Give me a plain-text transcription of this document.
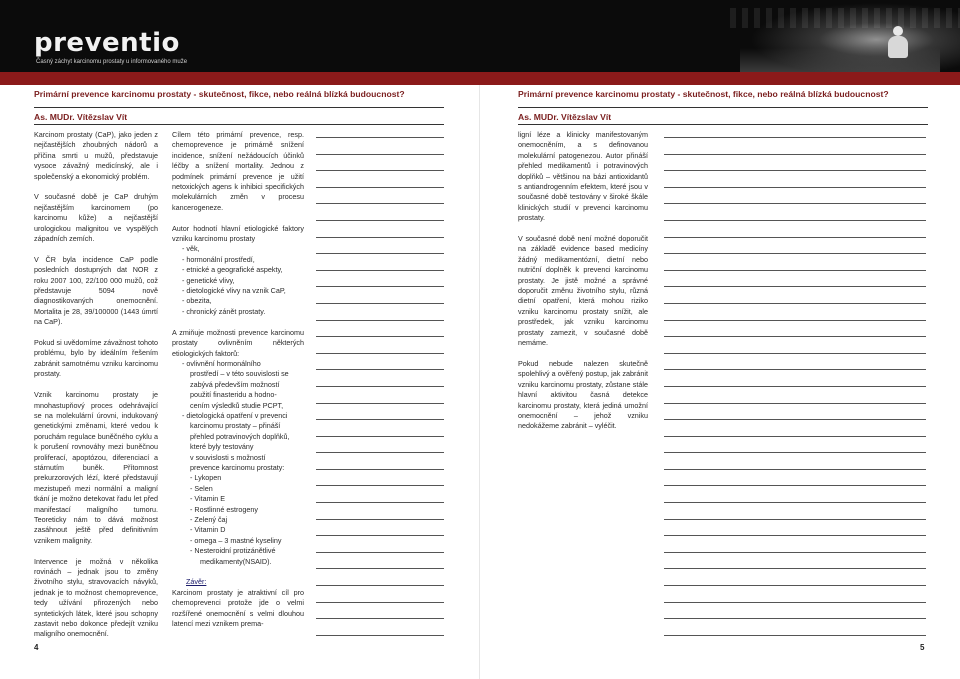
preventio
Časný záchyt karcinomu prostaty u informovaného muže
Primární prevence karcinomu prostaty - skutečnost, fikce, nebo reálná blízká budoucnost?
As. MUDr. Vítězslav Vít
Primární prevence karcinomu prostaty - skutečnost, fikce, nebo reálná blízká budoucnost?
As. MUDr. Vítězslav Vít

Karcinom prostaty (CaP), jako jeden z nejčastějších zhoubných nádorů a příčina smrti u mužů, představuje vysoce závažný medicínský, ale i společenský a ekonomický problém.

V současné době je CaP druhým nejčastějším karcinomem (po karcinomu kůže) a nejčastější urologickou malignitou ve vyspělých západních zemích.

V ČR byla incidence CaP podle posledních dostupných dat NOR z roku 2007 100, 22/100 000 mužů, což představuje 5094 nově diagnostikovaných onemocnění. Mortalita je 28, 39/100000 (1443 úmrtí na CaP).

Pokud si uvědomíme závažnost tohoto problému, bylo by ideálním řešením zabránit samotnému vzniku karcinomu prostaty.

Vznik karcinomu prostaty je mnohastupňový proces odehrávající se na molekulární úrovni, indukovaný genetickými změnami, které vedou k poruchám regulace buněčného cyklu a k porušení rovnováhy mezi buněčnou proliferací, apoptózou, diferenciací a stárnutím buněk. Přítomnost prekurzorových lézí, které představují mezistupeň mezi normální a maligní tkání je možno detekovat řadu let před manifestací maligního tumoru. Teoreticky nám to dává možnost zasáhnout ještě před definitivním vznikem malignity.

Intervence je možná v několika rovinách – jednak jsou to změny životního stylu, stravovacích návyků, jednak je to možnost chemoprevence, tedy užívání přirozených nebo syntetických látek, které jsou schopny zastavit nebo dokonce předejít vzniku maligního onemocnění.

Cílem této primární prevence, resp. chemoprevence je primárně snížení incidence, snížení nežádoucích účinků léčby a snížení mortality. Jednou z podmínek primární prevence je užití netoxických agens k inhibici specifických molekulárních změn v procesu kancerogeneze.

Autor hodnotí hlavní etiologické faktory vzniku karcinomu prostaty

- věk,
- hormonální prostředí,
- etnické a geografické aspekty,
- genetické vlivy,
- dietologické vlivy na vznik CaP,
- obezita,
- chronický zánět prostaty.

A zmiňuje možnosti prevence karcinomu prostaty ovlivněním některých etiologických faktorů:

- ovlivnění hormonálního
prostředí – v této souvislosti se
zabývá především možností
použití finasteridu a hodno-
cením výsledků studie PCPT,
- dietologická opatření v prevenci
karcinomu prostaty – přináší
přehled potravinových doplňků,
které byly testovány
v souvislosti s možností
prevence karcinomu prostaty:
- Lykopen
- Selen
- Vitamin E
- Rostlinné estrogeny
- Zelený čaj
- Vitamin D
- omega – 3 mastné kyseliny
- Nesteroidní protizánětlivé
medikamenty(NSAID).
Závěr:

Karcinom prostaty je atraktivní cíl pro chemoprevenci protože jde o velmi rozšířené onemocnění s velmi dlouhou latencí mezi vznikem prema-

ligní léze a klinicky manifestovaným onemocněním, a s definovanou molekulární patogenezou. Autor přináší přehled medikamentů i potravinových doplňků – většinou na bázi antioxidantů s antiandrogenním efektem, které jsou v současné době testovány v široké škále klinických studií v prevenci karcinomu prostaty.

V současné době není možné doporučit na základě evidence based medicíny žádný medikamentózní, dietní nebo nutriční doplněk k prevenci karcinomu prostaty. Je jistě možné a správné doporučit změnu životního stylu, různá dietní opatření, která mohou riziko vzniku karcinomu prostaty snížit, ale prostředek, jak vzniku karcinomu prostaty zamezit, v současné době nemáme.

Pokud nebude nalezen skutečně spolehlivý a ověřený postup, jak zabránit vzniku karcinomu prostaty, zůstane stále hlavní aktivitou časná detekce karcinomu prostaty, která jediná umožní onemocnění – jehož vzniku nedokážeme zabránit – vyléčit.

4	5
